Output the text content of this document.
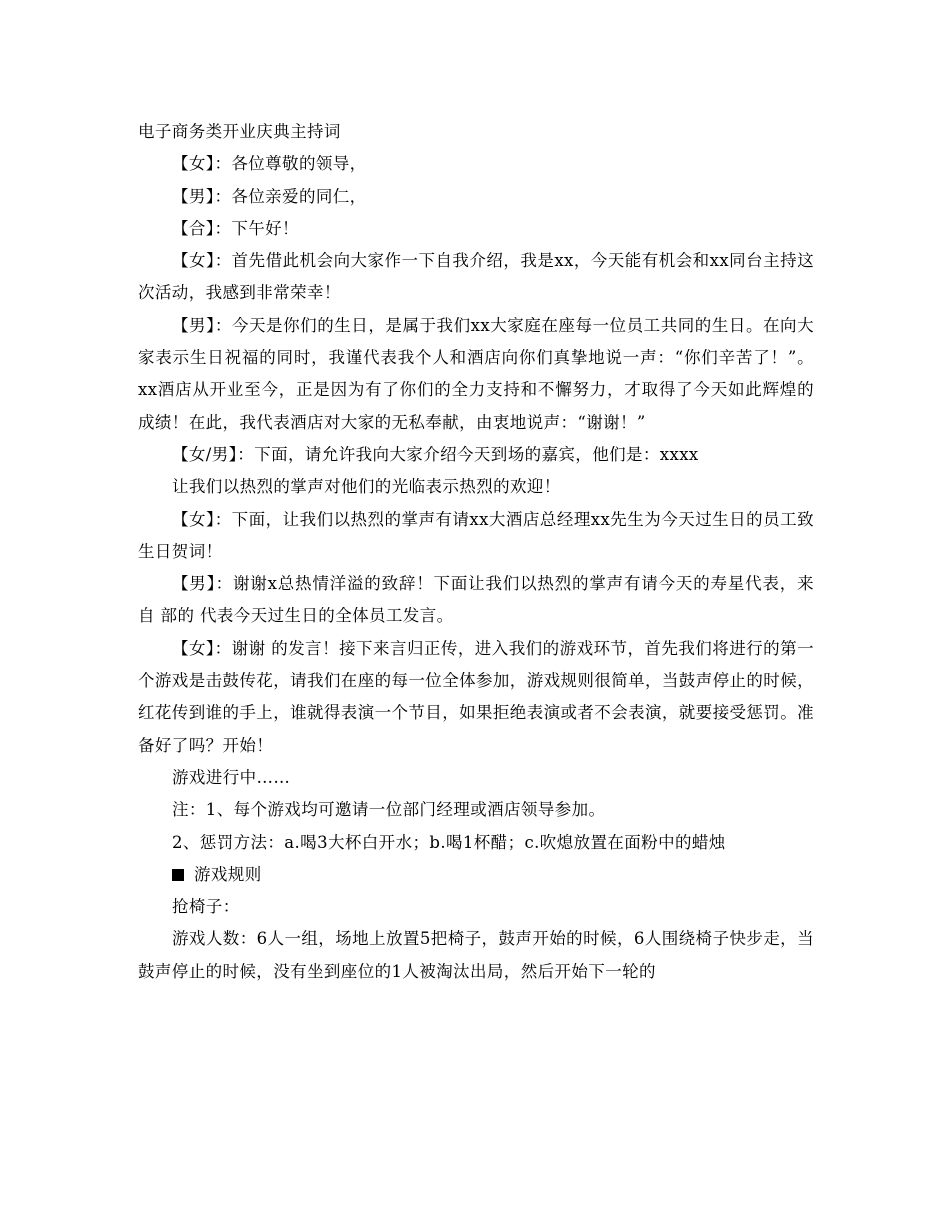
电子商务类开业庆典主持词

【女】：各位尊敬的领导，

【男】：各位亲爱的同仁，

【合】：下午好！

【女】：首先借此机会向大家作一下自我介绍，我是xx，今天能有机会和xx同台主持这次活动，我感到非常荣幸！

【男】：今天是你们的生日，是属于我们xx大家庭在座每一位员工共同的生日。在向大家表示生日祝福的同时，我谨代表我个人和酒店向你们真挚地说一声：“你们辛苦了！”。xx酒店从开业至今，正是因为有了你们的全力支持和不懈努力，才取得了今天如此辉煌的成绩！在此，我代表酒店对大家的无私奉献，由衷地说声：“谢谢！”

【女/男】：下面，请允许我向大家介绍今天到场的嘉宾，他们是：xxxx

让我们以热烈的掌声对他们的光临表示热烈的欢迎！

【女】：下面，让我们以热烈的掌声有请xx大酒店总经理xx先生为今天过生日的员工致生日贺词！

【男】：谢谢x总热情洋溢的致辞！下面让我们以热烈的掌声有请今天的寿星代表，来自 部的 代表今天过生日的全体员工发言。

【女】：谢谢 的发言！接下来言归正传，进入我们的游戏环节，首先我们将进行的第一个游戏是击鼓传花，请我们在座的每一位全体参加，游戏规则很简单，当鼓声停止的时候，红花传到谁的手上，谁就得表演一个节目，如果拒绝表演或者不会表演，就要接受惩罚。准备好了吗？开始！

游戏进行中……

注：1、每个游戏均可邀请一位部门经理或酒店领导参加。

2、惩罚方法：a.喝3大杯白开水；b.喝1杯醋；c.吹熄放置在面粉中的蜡烛

游戏规则

抢椅子：

游戏人数：6人一组，场地上放置5把椅子，鼓声开始的时候，6人围绕椅子快步走，当鼓声停止的时候，没有坐到座位的1人被淘汰出局，然后开始下一轮的
